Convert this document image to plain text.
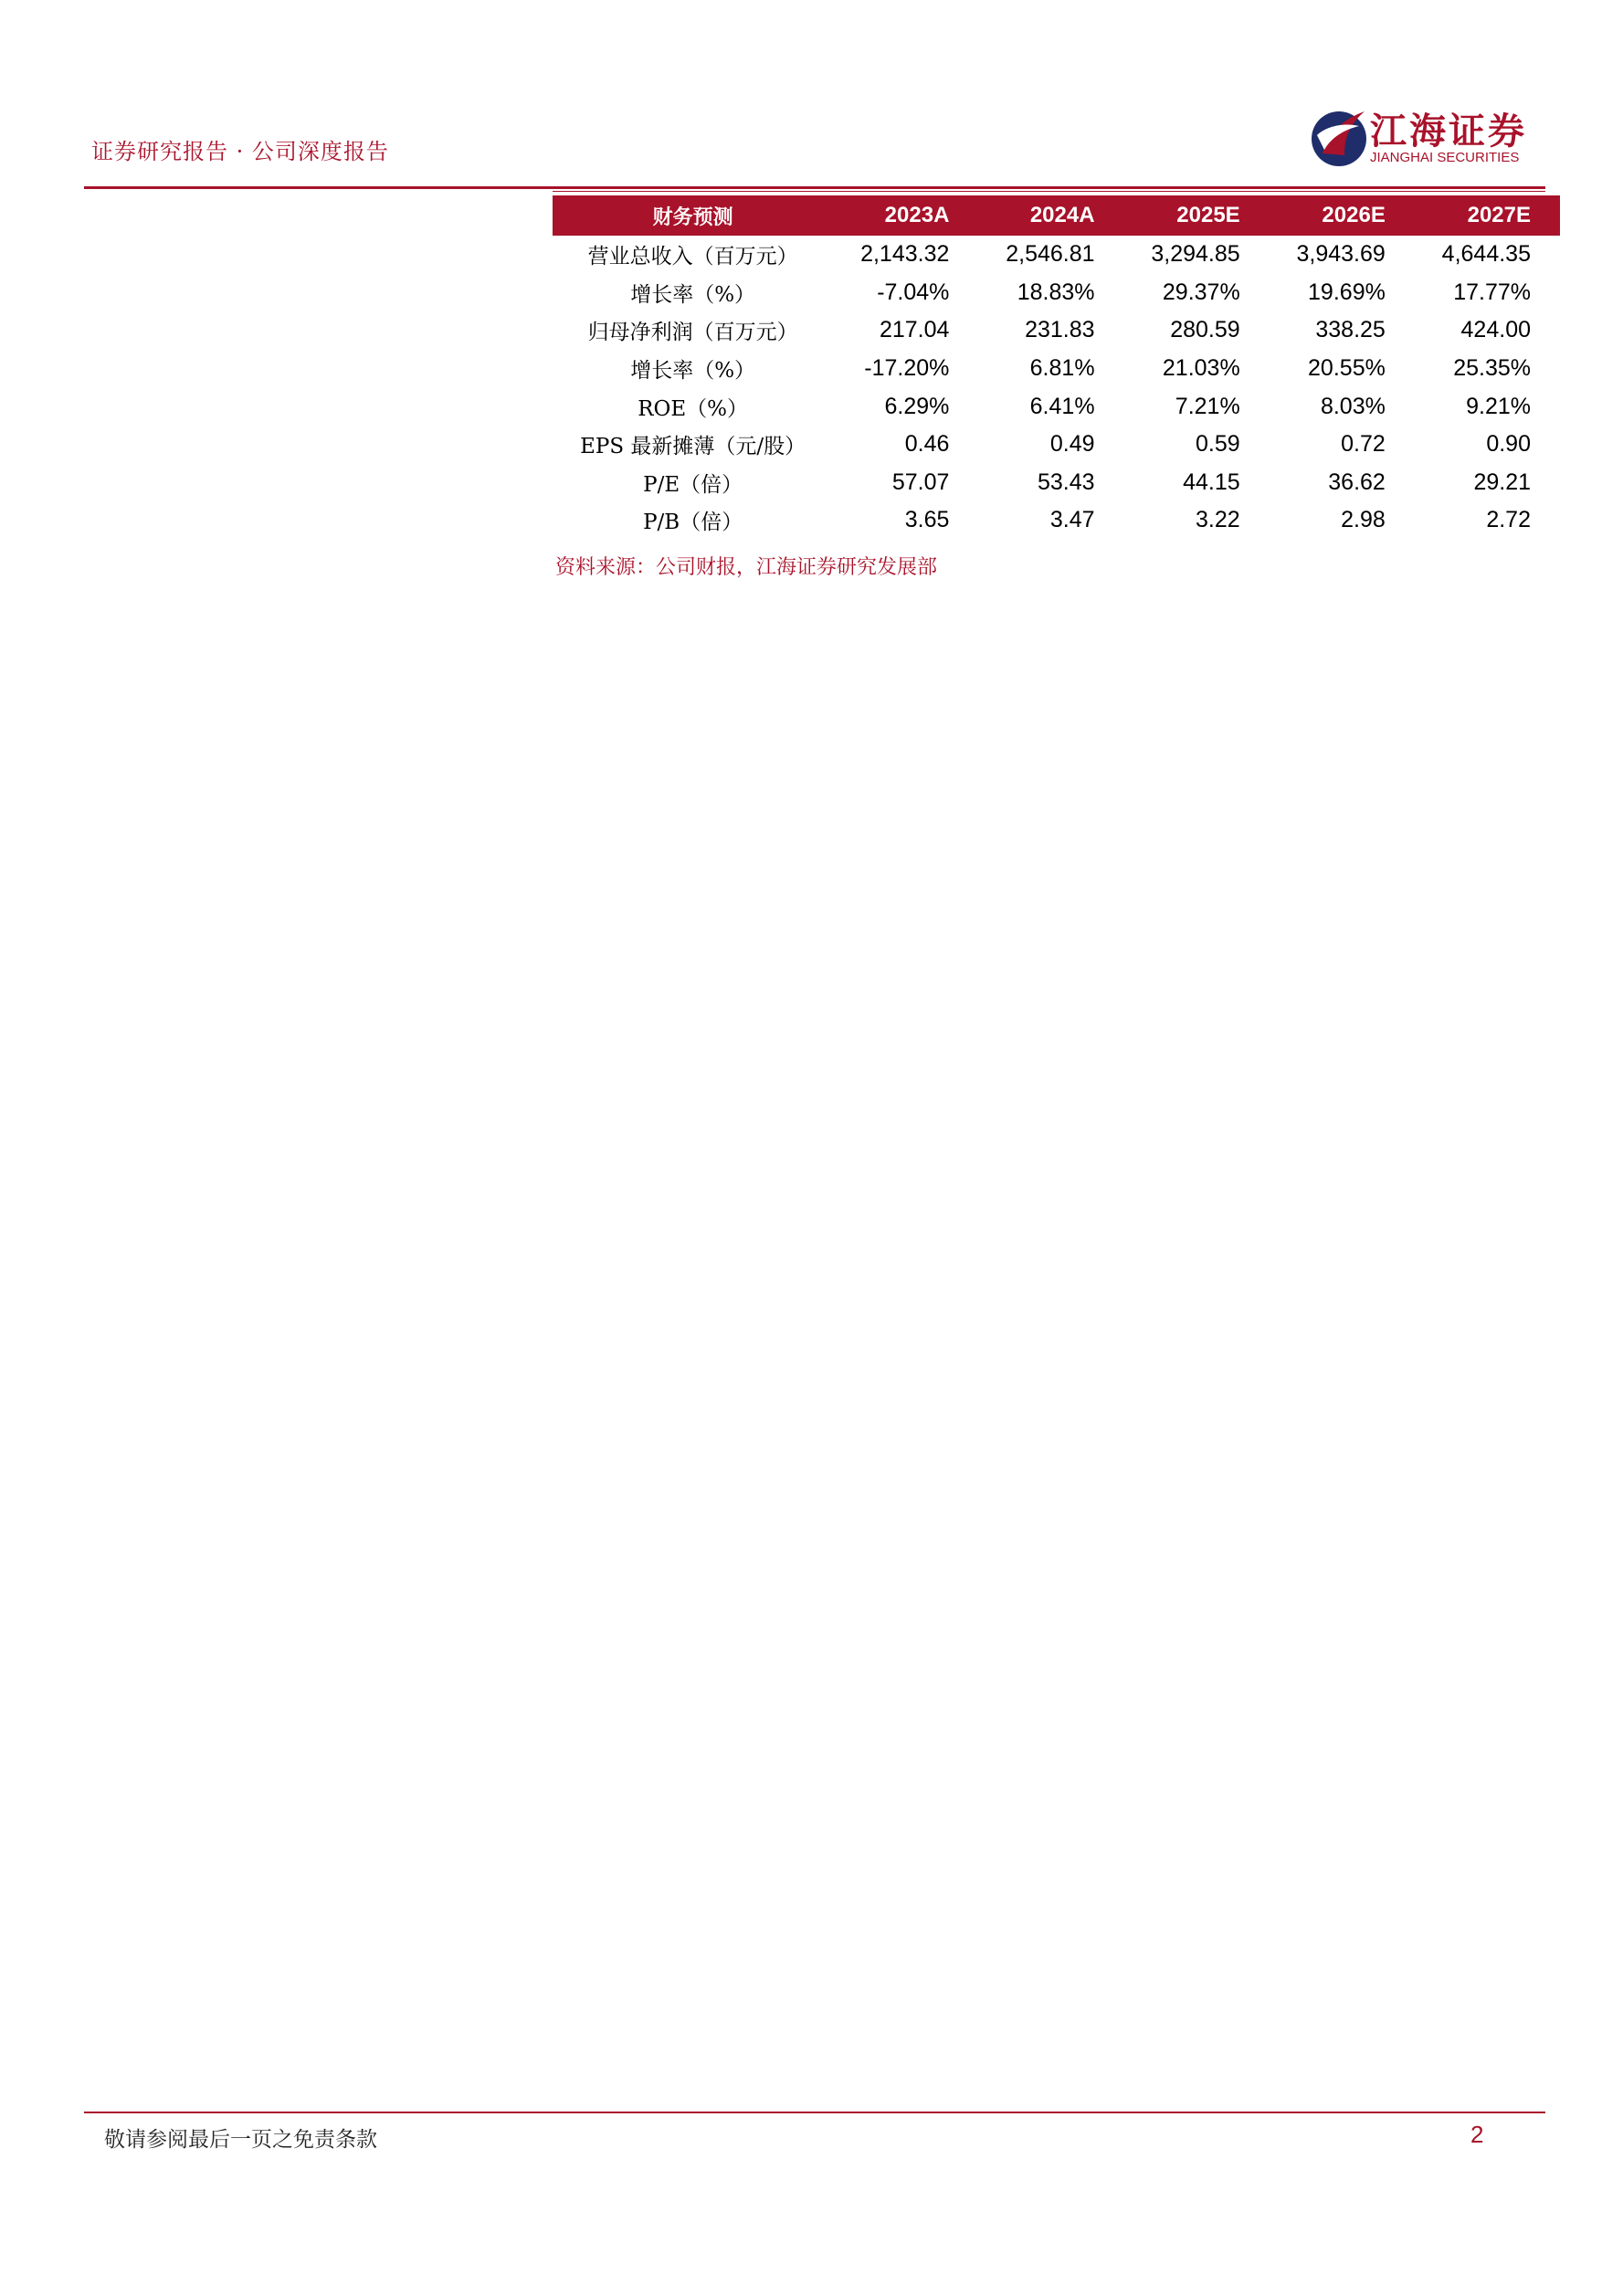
证券研究报告 · 公司深度报告	江海证券
JIANGHAI SECURITIES
财务预测	2023A	2024A	2025E	2026E	2027E
营业总收入（百万元）	2,143.32	2,546.81	3,294.85	3,943.69	4,644.35
增长率（%）	-7.04%	18.83%	29.37%	19.69%	17.77%
归母净利润（百万元）	217.04	231.83	280.59	338.25	424.00
增长率（%）	-17.20%	6.81%	21.03%	20.55%	25.35%
ROE（%）	6.29%	6.41%	7.21%	8.03%	9.21%
EPS 最新摊薄（元/股）	0.46	0.49	0.59	0.72	0.90
P/E（倍）	57.07	53.43	44.15	36.62	29.21
P/B（倍）	3.65	3.47	3.22	2.98	2.72
资料来源：公司财报，江海证券研究发展部
敬请参阅最后一页之免责条款	2
